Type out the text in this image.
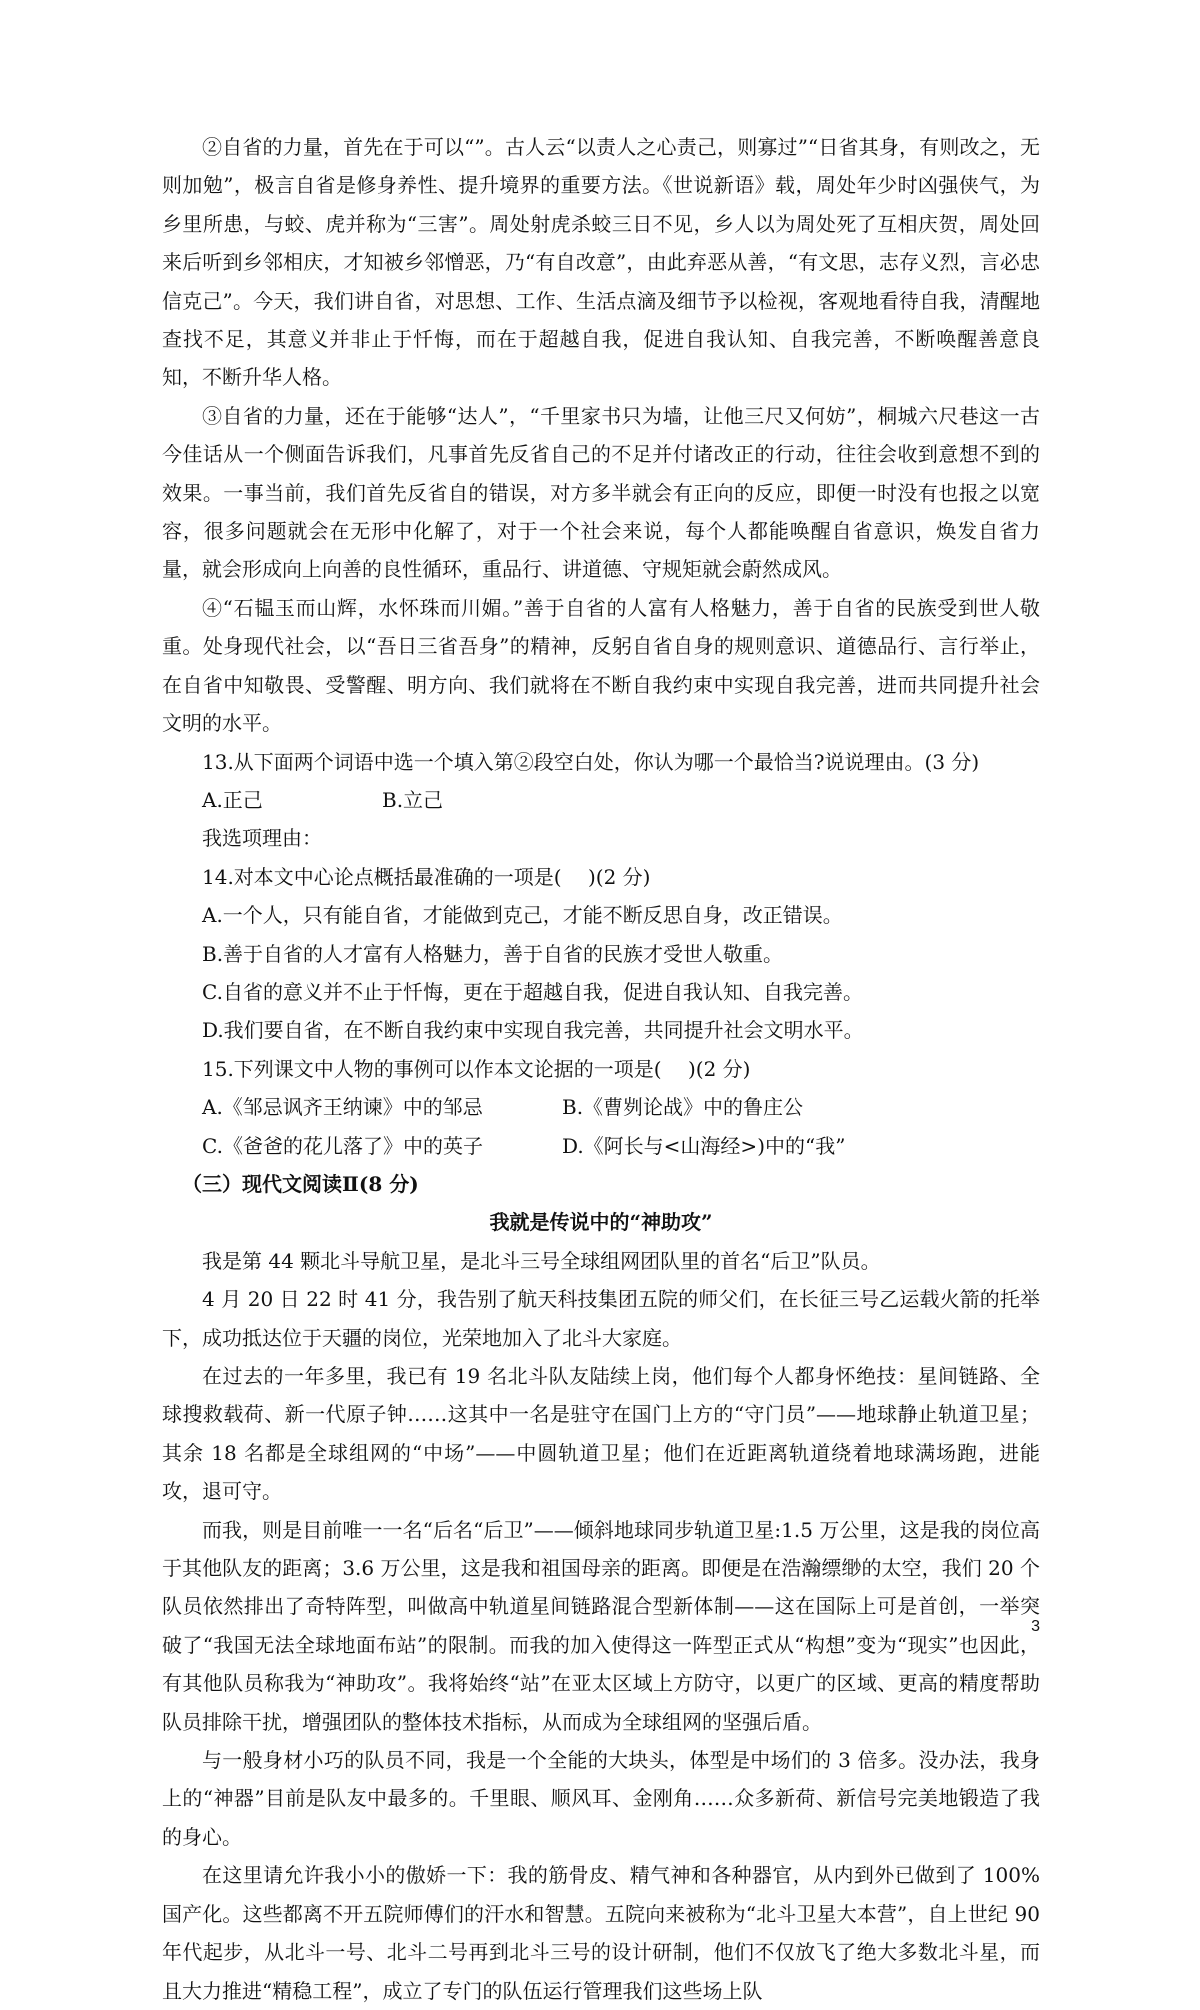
②自省的力量，首先在于可以“”。古人云“以责人之心责己，则寡过”“日省其身，有则改之，无则加勉”，极言自省是修身养性、提升境界的重要方法。《世说新语》载，周处年少时凶强侠气，为乡里所患，与蛟、虎并称为“三害”。周处射虎杀蛟三日不见，乡人以为周处死了互相庆贺，周处回来后听到乡邻相庆，才知被乡邻憎恶，乃“有自改意”，由此弃恶从善，“有文思，志存义烈，言必忠信克己”。今天，我们讲自省，对思想、工作、生活点滴及细节予以检视，客观地看待自我，清醒地查找不足，其意义并非止于忏悔，而在于超越自我，促进自我认知、自我完善，不断唤醒善意良知，不断升华人格。

③自省的力量，还在于能够“达人”，“千里家书只为墙，让他三尺又何妨”，桐城六尺巷这一古今佳话从一个侧面告诉我们，凡事首先反省自己的不足并付诸改正的行动，往往会收到意想不到的效果。一事当前，我们首先反省自的错误，对方多半就会有正向的反应，即便一时没有也报之以宽容，很多问题就会在无形中化解了，对于一个社会来说，每个人都能唤醒自省意识，焕发自省力量，就会形成向上向善的良性循环，重品行、讲道德、守规矩就会蔚然成风。

④“石韫玉而山辉，水怀珠而川媚。”善于自省的人富有人格魅力，善于自省的民族受到世人敬重。处身现代社会，以“吾日三省吾身”的精神，反躬自省自身的规则意识、道德品行、言行举止，在自省中知敬畏、受警醒、明方向、我们就将在不断自我约束中实现自我完善，进而共同提升社会文明的水平。

13.从下面两个词语中选一个填入第②段空白处，你认为哪一个最恰当?说说理由。(3 分)
A.正己	B.立己
我选项理由：
14.对本文中心论点概括最准确的一项是(　 )(2 分)
A.一个人，只有能自省，才能做到克己，才能不断反思自身，改正错误。
B.善于自省的人才富有人格魅力，善于自省的民族才受世人敬重。
C.自省的意义并不止于忏悔，更在于超越自我，促进自我认知、自我完善。
D.我们要自省，在不断自我约束中实现自我完善，共同提升社会文明水平。
15.下列课文中人物的事例可以作本文论据的一项是(　 )(2 分)
A.《邹忌讽齐王纳谏》中的邹忌	B.《曹刿论战》中的鲁庄公
C.《爸爸的花儿落了》中的英子	D.《阿长与<山海经>)中的“我”
（三）现代文阅读Ⅱ(8 分)
我就是传说中的“神助攻”

我是第 44 颗北斗导航卫星，是北斗三号全球组网团队里的首名“后卫”队员。

4 月 20 日 22 时 41 分，我告别了航天科技集团五院的师父们，在长征三号乙运载火箭的托举下，成功抵达位于天疆的岗位，光荣地加入了北斗大家庭。

在过去的一年多里，我已有 19 名北斗队友陆续上岗，他们每个人都身怀绝技：星间链路、全球搜救载荷、新一代原子钟……这其中一名是驻守在国门上方的“守门员”——地球静止轨道卫星；其余 18 名都是全球组网的“中场”——中圆轨道卫星；他们在近距离轨道绕着地球满场跑，进能攻，退可守。

而我，则是目前唯一一名“后名“后卫”——倾斜地球同步轨道卫星:1.5 万公里，这是我的岗位高于其他队友的距离；3.6 万公里，这是我和祖国母亲的距离。即便是在浩瀚缥缈的太空，我们 20 个队员依然排出了奇特阵型，叫做高中轨道星间链路混合型新体制——这在国际上可是首创，一举突破了“我国无法全球地面布站”的限制。而我的加入使得这一阵型正式从“构想”变为“现实”也因此，有其他队员称我为“神助攻”。我将始终“站”在亚太区域上方防守，以更广的区域、更高的精度帮助队员排除干扰，增强团队的整体技术指标，从而成为全球组网的坚强后盾。

与一般身材小巧的队员不同，我是一个全能的大块头，体型是中场们的 3 倍多。没办法，我身上的“神器”目前是队友中最多的。千里眼、顺风耳、金刚角……众多新荷、新信号完美地锻造了我的身心。

在这里请允许我小小的傲娇一下：我的筋骨皮、精气神和各种器官，从内到外已做到了 100%国产化。这些都离不开五院师傅们的汗水和智慧。五院向来被称为“北斗卫星大本营”，自上世纪 90 年代起步，从北斗一号、北斗二号再到北斗三号的设计研制，他们不仅放飞了绝大多数北斗星，而且大力推进“精稳工程”，成立了专门的队伍运行管理我们这些场上队

3
